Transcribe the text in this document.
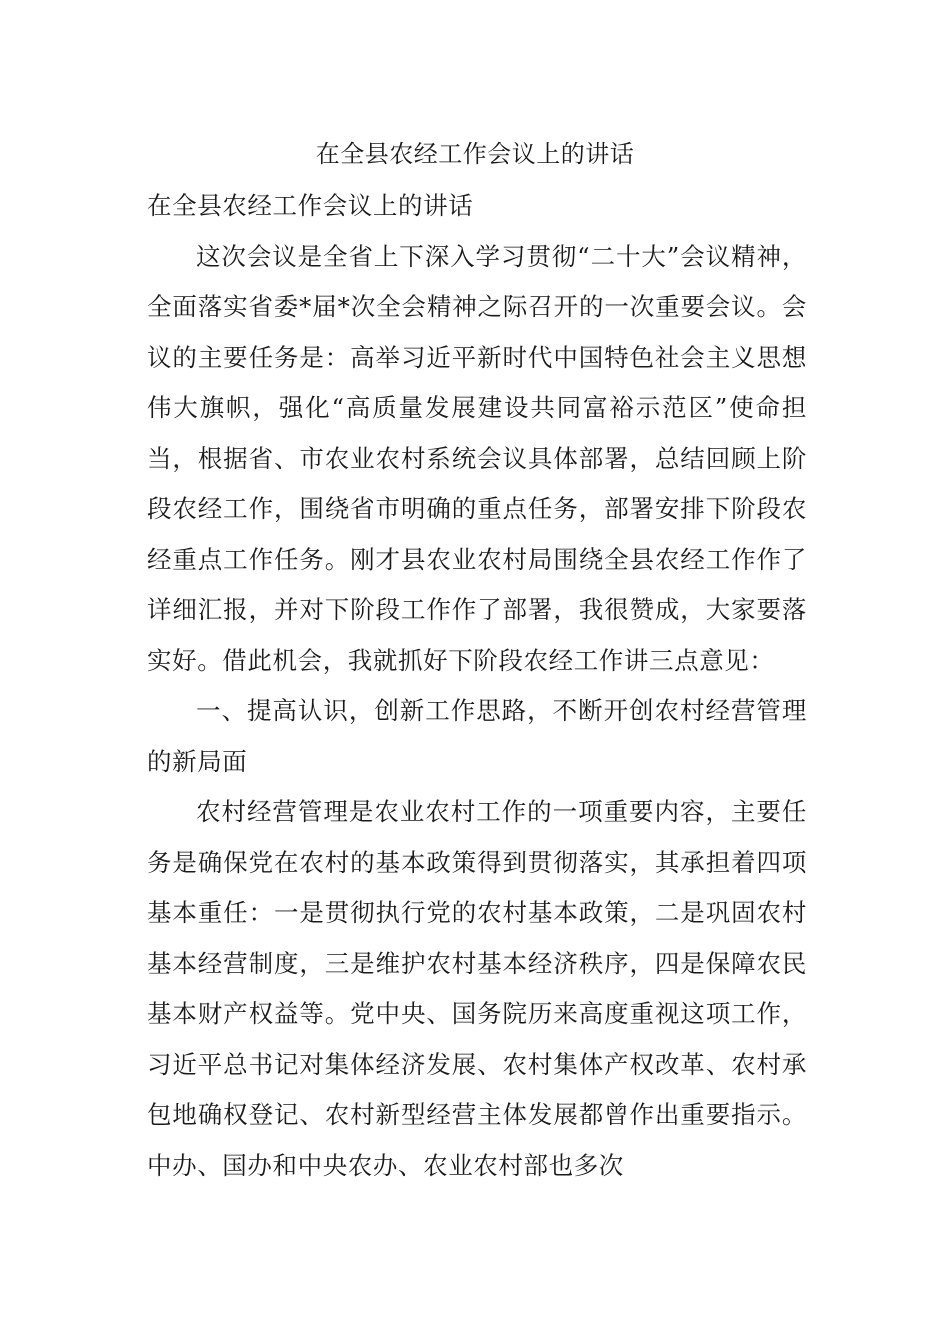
在全县农经工作会议上的讲话

在全县农经工作会议上的讲话

这次会议是全省上下深入学习贯彻“二十大”会议精神，全面落实省委*届*次全会精神之际召开的一次重要会议。会议的主要任务是：高举习近平新时代中国特色社会主义思想伟大旗帜，强化“高质量发展建设共同富裕示范区”使命担当，根据省、市农业农村系统会议具体部署，总结回顾上阶段农经工作，围绕省市明确的重点任务，部署安排下阶段农经重点工作任务。刚才县农业农村局围绕全县农经工作作了详细汇报，并对下阶段工作作了部署，我很赞成，大家要落实好。借此机会，我就抓好下阶段农经工作讲三点意见：

一、提高认识，创新工作思路，不断开创农村经营管理的新局面

农村经营管理是农业农村工作的一项重要内容，主要任务是确保党在农村的基本政策得到贯彻落实，其承担着四项基本重任：一是贯彻执行党的农村基本政策，二是巩固农村基本经营制度，三是维护农村基本经济秩序，四是保障农民基本财产权益等。党中央、国务院历来高度重视这项工作，习近平总书记对集体经济发展、农村集体产权改革、农村承包地确权登记、农村新型经营主体发展都曾作出重要指示。中办、国办和中央农办、农业农村部也多次
